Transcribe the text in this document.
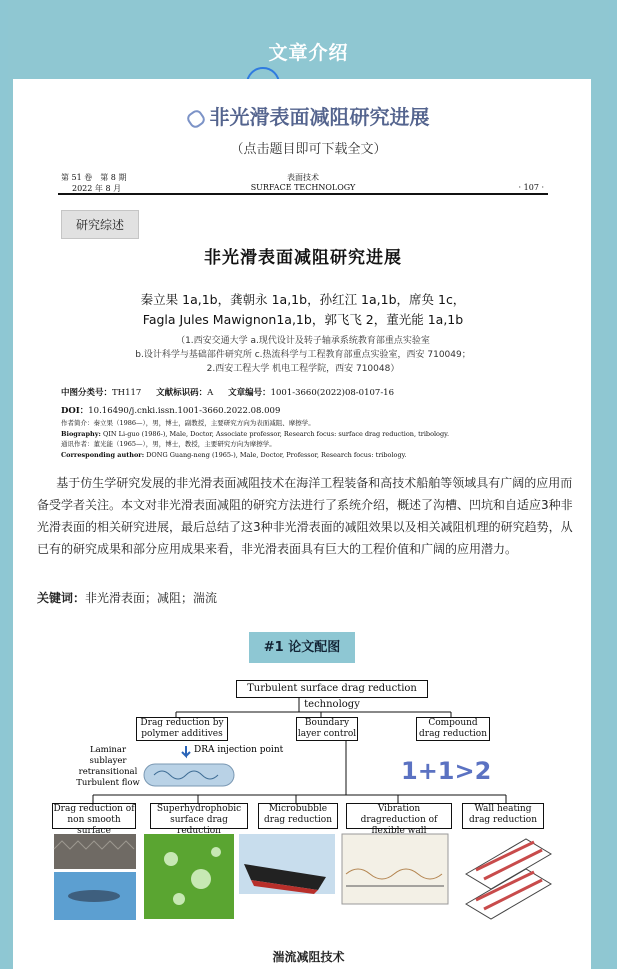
文章介绍
非光滑表面减阻研究进展
（点击题目即可下载全文）
第 51 卷　第 8 期
2022 年 8 月
表面技术
SURFACE TECHNOLOGY	· 107 ·
研究综述
非光滑表面减阻研究进展
秦立果 1a,1b，龚朝永 1a,1b，孙红江 1a,1b，席奂 1c，
Fagla Jules Mawignon1a,1b，郭飞飞 2，董光能 1a,1b
（1.西安交通大学 a.现代设计及转子轴承系统教育部重点实验室
b.设计科学与基础部件研究所 c.热流科学与工程教育部重点实验室，西安 710049；
2.西安工程大学 机电工程学院，西安 710048）
中图分类号：TH117 文献标识码：A 文章编号：1001-3660(2022)08-0107-16
DOI：10.16490/j.cnki.issn.1001-3660.2022.08.009
作者简介：秦立果（1986—），男，博士，副教授，主要研究方向为表面减阻、摩擦学。
Biography: QIN Li-guo (1986-), Male, Doctor, Associate professor, Research focus: surface drag reduction, tribology.
通讯作者：董光能（1965—），男，博士，教授，主要研究方向为摩擦学。
Corresponding author: DONG Guang-neng (1965-), Male, Doctor, Professor, Research focus: tribology.
基于仿生学研究发展的非光滑表面减阻技术在海洋工程装备和高技术船舶等领域具有广阔的应用而备受学者关注。本文对非光滑表面减阻的研究方法进行了系统介绍，概述了沟槽、凹坑和自适应3种非光滑表面的相关研究进展，最后总结了这3种非光滑表面的减阻效果以及相关减阻机理的研究趋势，从已有的研究成果和部分应用成果来看，非光滑表面具有巨大的工程价值和广阔的应用潜力。
关键词：非光滑表面；减阻；湍流
#1 论文配图
Turbulent surface drag reduction technology
Drag reduction by polymer additives
Boundary layer control
Compound drag reduction
Laminar sublayer
retransitional
Turbulent flow
DRA injection point
1+1>2
Drag reduction of non smooth surface
Superhydrophobic surface drag reduction
Microbubble drag reduction
Vibration dragreduction of flexible wall
Wall heating drag reduction
湍流减阻技术
